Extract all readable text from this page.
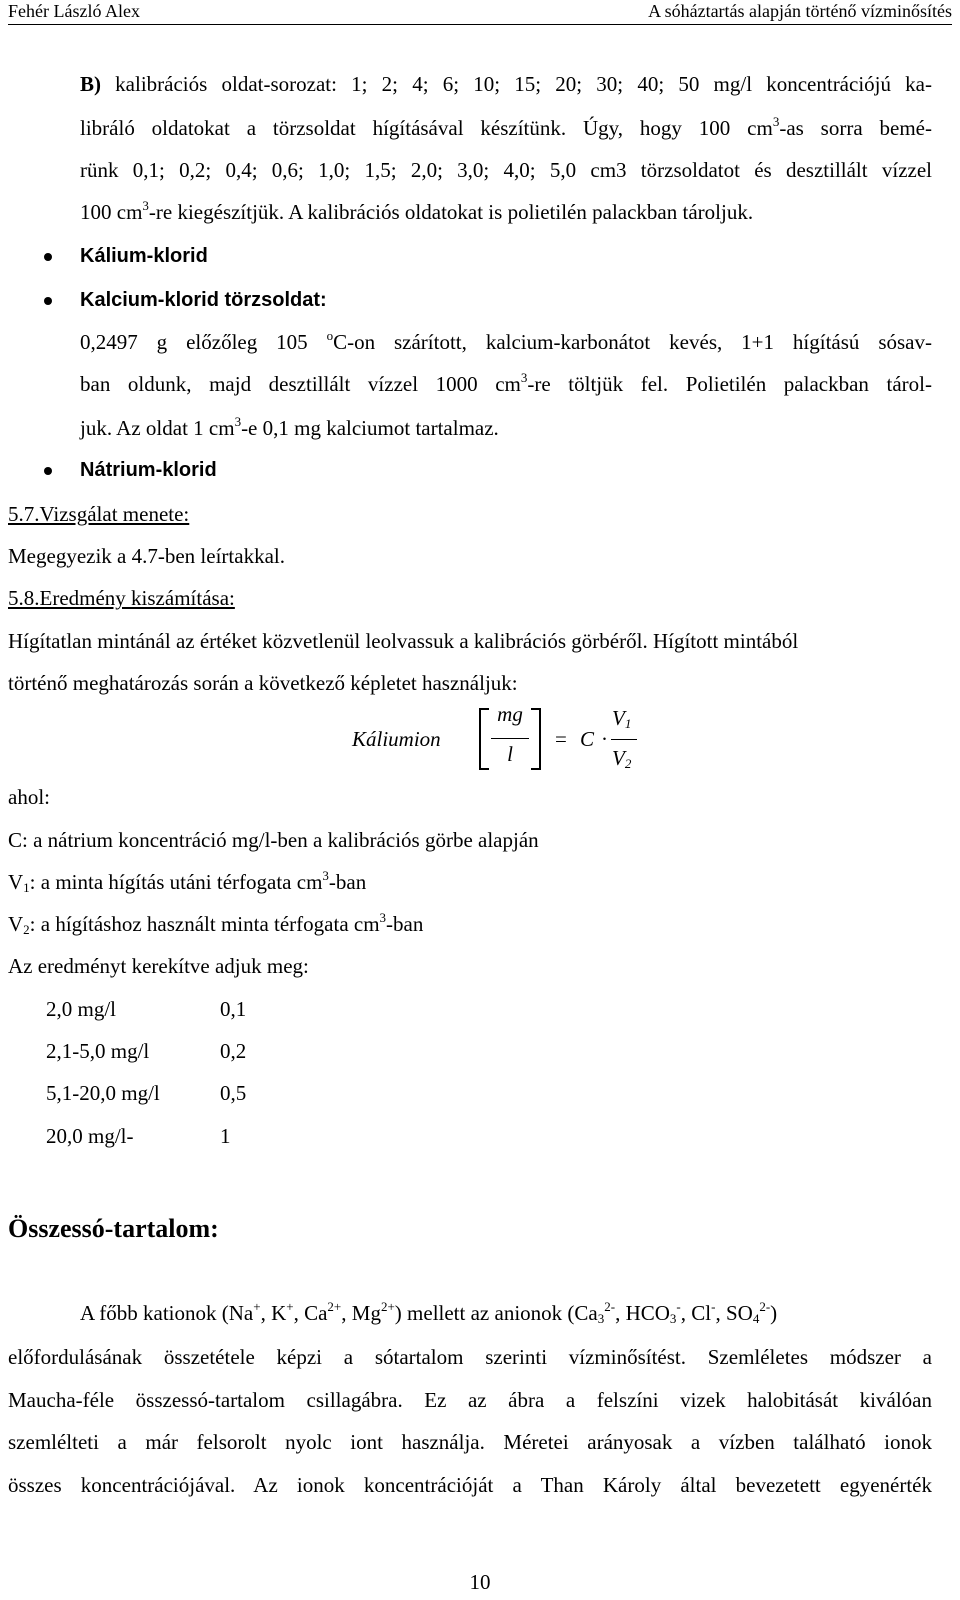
Fehér László Alex	A sóháztartás alapján történő vízminősítés
B) kalibrációs oldat-sorozat: 1; 2; 4; 6; 10; 15; 20; 30; 40; 50 mg/l koncentrációjú ka-
libráló oldatokat a törzsoldat hígításával készítünk. Úgy, hogy 100 $cm^3-as$ sorra bemé-
rünk 0,1; 0,2; 0,4; 0,6; 1,0; 1,5; 2,0; 3,0; 4,0; 5,0 cm3 törzsoldatot és desztillált vízzel
100 $cm^3-re$ kiegészítjük. A kalibrációs oldatokat is polietilén palackban tároljuk.
Kálium-klorid
Kalcium-klorid törzsoldat:
0,2497 g előzőleg 105 $^o$C-on szárított, kalcium-karbonátot kevés, 1+1 hígítású sósav-
ban oldunk, majd desztillált vízzel 1000 $cm^3-re$ töltjük fel. Polietilén palackban tárol-
juk. Az oldat 1 $cm^3-e$ 0,1 mg kalciumot tartalmaz.
Nátrium-klorid
5.7.Vizsgálat menete:
Megegyezik a 4.7-ben leírtakkal.
5.8.Eredmény kiszámítása:
Hígítatlan mintánál az értéket közvetlenül leolvassuk a kalibrációs görbéről. Hígított mintából
történő meghatározás során a következő képletet használjuk:
Káliumion
mg
l
= C ·
$V_1$
$V_2$
ahol:
C: a nátrium koncentráció mg/l-ben a kalibrációs görbe alapján
$V_1$: a minta hígítás utáni térfogata $cm^3$-ban
$V_2$: a hígításhoz használt minta térfogata $cm^3$-ban
Az eredményt kerekítve adjuk meg:
2,0 mg/l	0,1
2,1-5,0 mg/l	0,2
5,1-20,0 mg/l	0,5
20,0 mg/l-	1
Összessó-tartalom:
A főbb kationok (Na+, K+, $Ca^{2+}$, $Mg^{2+}$) mellett az anionok ($Ca_3^{2-}$, $HCO_3^-$, Cl-, $SO_4^{2-}$)
előfordulásának összetétele képzi a sótartalom szerinti vízminősítést. Szemléletes módszer a
Maucha-féle összessó-tartalom csillagábra. Ez az ábra a felszíni vizek halobitását kiválóan
szemlélteti a már felsorolt nyolc iont használja. Méretei arányosak a vízben található ionok
összes koncentrációjával. Az ionok koncentrációját a Than Károly által bevezetett egyenérték
10
